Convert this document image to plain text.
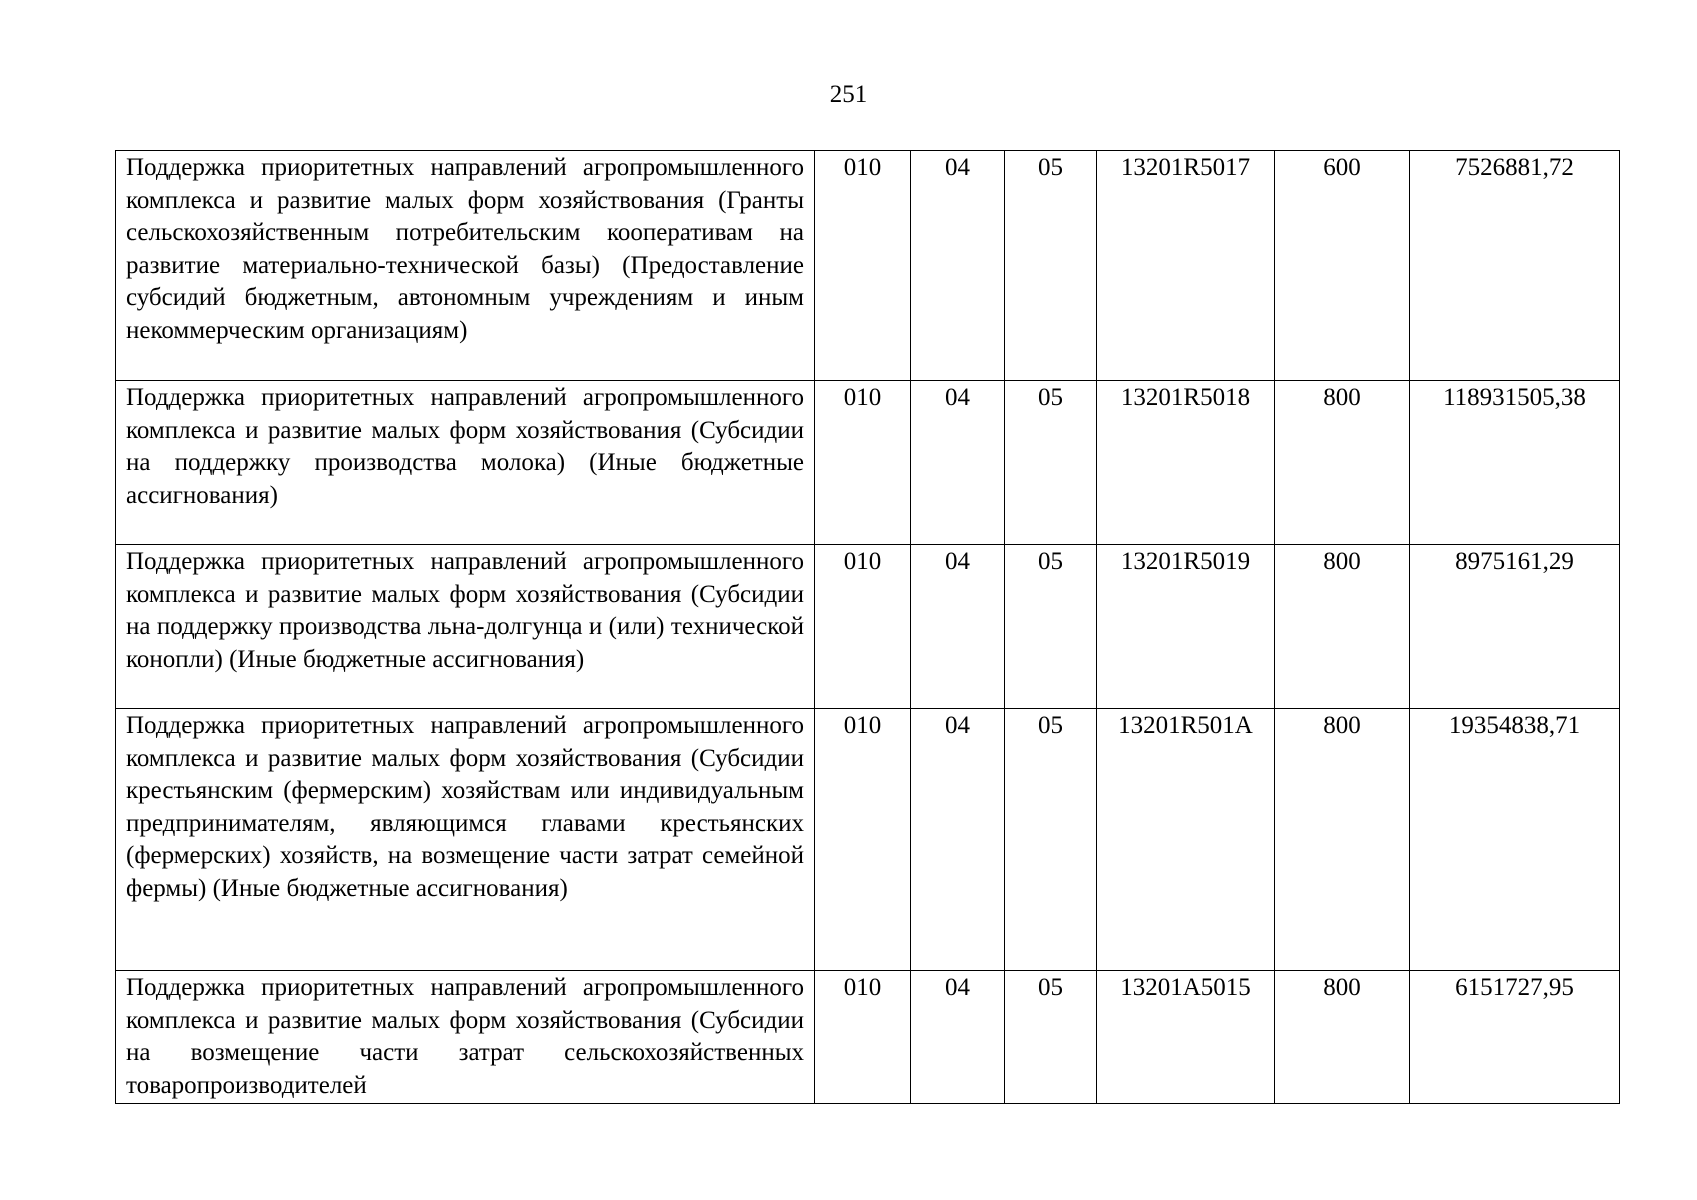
251
Поддержка приоритетных направлений агропромышленного комплекса и развитие малых форм хозяйствования (Гранты сельскохозяйственным потребительским кооперативам на развитие материально-технической базы) (Предоставление субсидий бюджетным, автономным учреждениям и иным некоммерческим организациям)	010	04	05	13201R5017	600	7526881,72
Поддержка приоритетных направлений агропромышленного комплекса и развитие малых форм хозяйствования (Субсидии на поддержку производства молока) (Иные бюджетные ассигнования)	010	04	05	13201R5018	800	118931505,38
Поддержка приоритетных направлений агропромышленного комплекса и развитие малых форм хозяйствования (Субсидии на поддержку производства льна-долгунца и (или) технической конопли) (Иные бюджетные ассигнования)	010	04	05	13201R5019	800	8975161,29
Поддержка приоритетных направлений агропромышленного комплекса и развитие малых форм хозяйствования (Субсидии крестьянским (фермерским) хозяйствам или индивидуальным предпринимателям, являющимся главами крестьянских (фермерских) хозяйств, на возмещение части затрат семейной фермы) (Иные бюджетные ассигнования)	010	04	05	13201R501A	800	19354838,71

Поддержка приоритетных направлений агропромышленного комплекса и развитие малых форм хозяйствования (Субсидии на возмещение части затрат сельскохозяйственных товаропроизводителей	010	04	05	13201A5015	800	6151727,95
